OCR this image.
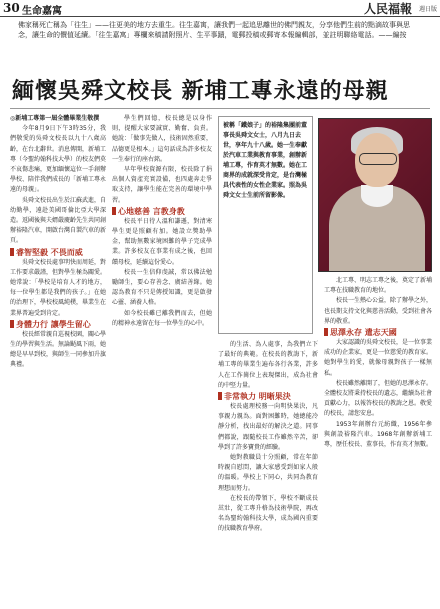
30 生命嘉寓	人民福報 週日版
佛家稱死亡稱為「往生」——往更美的地方去重生。往生嘉寓，讓我們一起追思離世的佛門親友，分享他們生前的點滴故事與思念，讓生命的價值延續。「往生嘉寓」專欄來稿請附照片、生平事蹟，電郵投稿或郵寄本報編輯部，並註明聯絡電話。——編按
緬懷吳舜文校長 新埔工專永遠的母親

◎新埔工專第一屆全體畢業生敬撰

今年8月9日下午3時35分，我們敬愛的吳舜文校長以九十八歲高齡，在台北辭世。消息傳開，新埔工專（今聖約翰科技大學）的校友們莫不哀傷悲痛，更加緬懷這位一手創辦學校、陪伴我們成長的「新埔工專永遠的母親」。

吳舜文校長出生於江蘇武進，自幼勤學，遠赴美國哥倫比亞大學深造。返國後與夫婿嚴慶齡先生共同創辦裕隆汽車，開啟台灣自製汽車的新頁。

睿智堅毅 不畏而威

吳舜文校長處事明快而周延，對工作要求嚴謹，但對學生極為關愛。她常說：「學校是培育人才的地方，每一位學生都是我們的孩子。」在她的治理下，學校校風純樸，畢業生在業界普遍受到肯定。

身體力行 讓學生留心

校長經常親自巡視校園，關心學生的學習與生活。無論颳風下雨，她總是早早到校，與師生一同參加升旗典禮。

學生們回憶，校長總是以身作則，提醒大家要誠實、勤奮、負責。她說：「做事先做人，技術固然重要，品德更是根本。」這句話成為許多校友一生奉行的座右銘。

早年學校資源有限，校長除了捐出個人資產充實設備，也四處奔走爭取支持，讓學生能在完善的環境中學習。

心地慈善 言教身教

校長平日待人溫和謙遜，對清寒學生更是照顧有加。她設立獎助學金，幫助無數家境困難的學子完成學業。許多校友在事業有成之後，也回饋母校，延續這份愛心。

校長一生信仰虔誠，常以佛法勉勵師生，要心存善念、廣結善緣。她認為教育不只是傳授知識，更是啟發心靈、涵養人格。

如今校長雖已離我們而去，但她的精神永遠留在每一位學生的心中。

被稱「鐵娘子」的裕隆集團前董事長吳舜文女士，八月九日去世，享年九十八歲。她一生奉獻於汽車工業與教育事業，創辦新埔工專，作育英才無數。她在工商界的成就深受肯定，是台灣極具代表性的女性企業家。照為吳舜文女士生前所留影像。

的生活、為人處事，為我們立下了最好的典範。在校長的教誨下，新埔工專的畢業生遍布各行各業，許多人在工作崗位上表現傑出，成為社會的中堅力量。

非常執力 明晰果決

校長處理校務一向明快果決，凡事親力親為。面對困難時，她總能冷靜分析，找出最好的解決之道。同事們都說，跟隨校長工作雖然辛苦，卻學到了許多寶貴的經驗。

她對教職員十分照顧，常在年節時親自慰問，讓大家感受到如家人般的溫暖。學校上下同心，共同為教育理想而努力。

在校長的帶領下，學校不斷成長茁壯，從工專升格為技術學院，再改名為聖約翰科技大學，成為國內重要的技職教育學府。

北工專、明志工專之後，奠定了新埔工專在技職教育的地位。

校長一生熱心公益，除了辦學之外，也長期支持文化與慈善活動，受到社會各界的敬重。

思澤永存 遺志天國

大家認識的吳舜文校長，是一位事業成功的企業家，更是一位慈愛的教育家。她對學生的愛，就像母親對孩子一樣無私。

校長雖然離開了，但她的思澤永存。全體校友將秉持校長的遺志，繼續為社會貢獻心力，以報答校長的教誨之恩。敬愛的校長，請您安息。

1953年創辦台元紡織，1956年參與創設裕隆汽車。1968年創辦新埔工專，歷任校長、董事長，作育英才無數。
